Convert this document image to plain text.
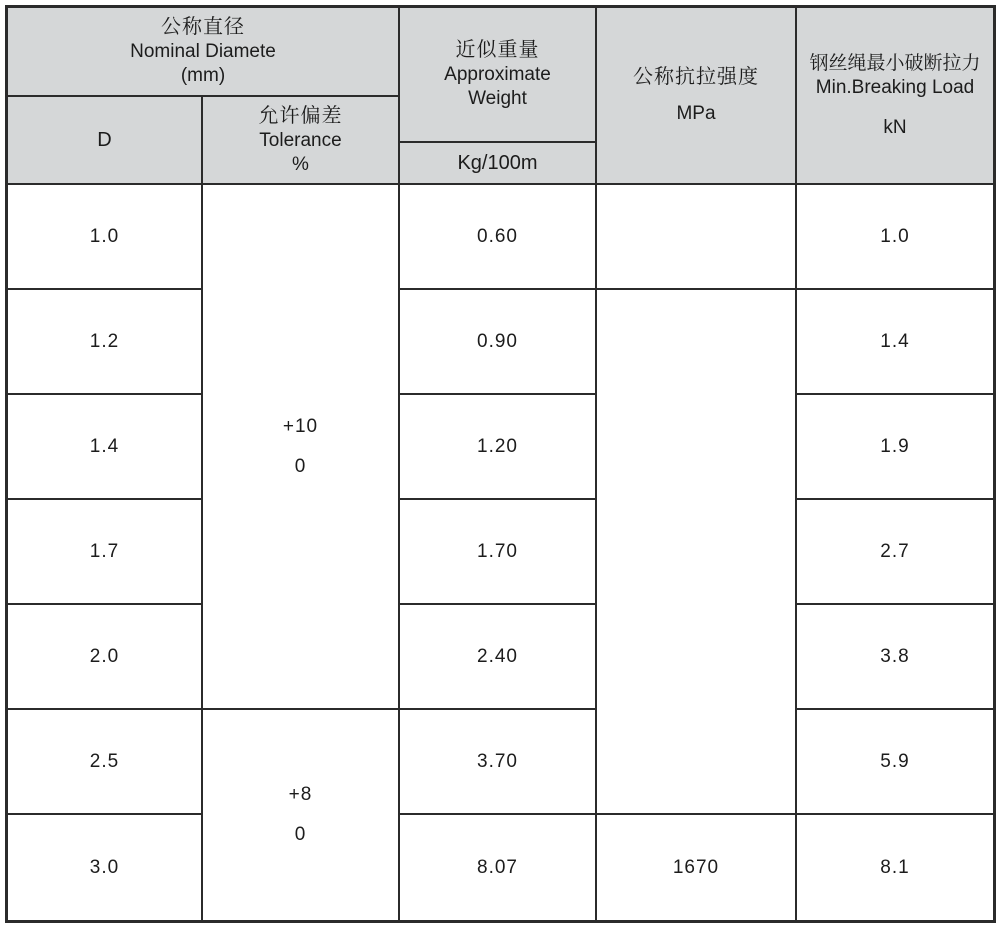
公称直径
Nominal Diamete
(mm)
近似重量
Approximate
Weight
公称抗拉强度
MPa
钢丝绳最小破断拉力
Min.Breaking Load
kN
D
允许偏差
Tolerance
%	Kg/100m
1.0
1.2
1.4
1.7
2.0
2.5
3.0
+10
0
+8
0
0.60
0.90
1.20
1.70
2.40
3.70
8.07	1670
1.0
1.4
1.9
2.7
3.8
5.9
8.1
